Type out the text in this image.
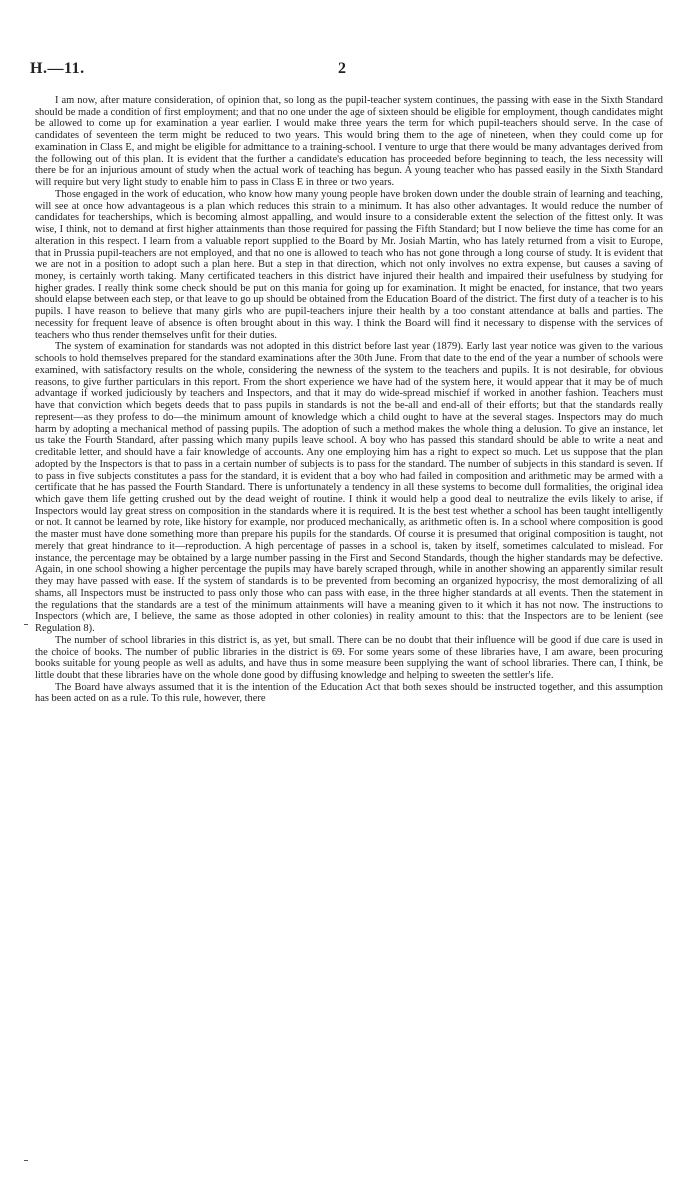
H.—11.	2

I am now, after mature consideration, of opinion that, so long as the pupil-teacher system continues, the passing with ease in the Sixth Standard should be made a condition of first employment; and that no one under the age of sixteen should be eligible for employment, though candidates might be allowed to come up for examination a year earlier. I would make three years the term for which pupil-teachers should serve. In the case of candidates of seventeen the term might be reduced to two years. This would bring them to the age of nineteen, when they could come up for examination in Class E, and might be eligible for admittance to a training-school. I venture to urge that there would be many advantages derived from the following out of this plan. It is evident that the further a candidate's education has proceeded before beginning to teach, the less necessity will there be for an injurious amount of study when the actual work of teaching has begun. A young teacher who has passed easily in the Sixth Standard will require but very light study to enable him to pass in Class E in three or two years.

Those engaged in the work of education, who know how many young people have broken down under the double strain of learning and teaching, will see at once how advantageous is a plan which reduces this strain to a minimum. It has also other advantages. It would reduce the number of candidates for teacherships, which is becoming almost appalling, and would insure to a considerable extent the selection of the fittest only. It was wise, I think, not to demand at first higher attainments than those required for passing the Fifth Standard; but I now believe the time has come for an alteration in this respect. I learn from a valuable report supplied to the Board by Mr. Josiah Martin, who has lately returned from a visit to Europe, that in Prussia pupil-teachers are not employed, and that no one is allowed to teach who has not gone through a long course of study. It is evident that we are not in a position to adopt such a plan here. But a step in that direction, which not only involves no extra expense, but causes a saving of money, is certainly worth taking. Many certificated teachers in this district have injured their health and impaired their usefulness by studying for higher grades. I really think some check should be put on this mania for going up for examination. It might be enacted, for instance, that two years should elapse between each step, or that leave to go up should be obtained from the Education Board of the district. The first duty of a teacher is to his pupils. I have reason to believe that many girls who are pupil-teachers injure their health by a too constant attendance at balls and parties. The necessity for frequent leave of absence is often brought about in this way. I think the Board will find it necessary to dispense with the services of teachers who thus render themselves unfit for their duties.

The system of examination for standards was not adopted in this district before last year (1879). Early last year notice was given to the various schools to hold themselves prepared for the standard examinations after the 30th June. From that date to the end of the year a number of schools were examined, with satisfactory results on the whole, considering the newness of the system to the teachers and pupils. It is not desirable, for obvious reasons, to give further particulars in this report. From the short experience we have had of the system here, it would appear that it may be of much advantage if worked judiciously by teachers and Inspectors, and that it may do wide-spread mischief if worked in another fashion. Teachers must have that conviction which begets deeds that to pass pupils in standards is not the be-all and end-all of their efforts; but that the standards really represent—as they profess to do—the minimum amount of knowledge which a child ought to have at the several stages. Inspectors may do much harm by adopting a mechanical method of passing pupils. The adoption of such a method makes the whole thing a delusion. To give an instance, let us take the Fourth Standard, after passing which many pupils leave school. A boy who has passed this standard should be able to write a neat and creditable letter, and should have a fair knowledge of accounts. Any one employing him has a right to expect so much. Let us suppose that the plan adopted by the Inspectors is that to pass in a certain number of subjects is to pass for the standard. The number of subjects in this standard is seven. If to pass in five subjects constitutes a pass for the standard, it is evident that a boy who had failed in composition and arithmetic may be armed with a certificate that he has passed the Fourth Standard. There is unfortunately a tendency in all these systems to become dull formalities, the original idea which gave them life getting crushed out by the dead weight of routine. I think it would help a good deal to neutralize the evils likely to arise, if Inspectors would lay great stress on composition in the standards where it is required. It is the best test whether a school has been taught intelligently or not. It cannot be learned by rote, like history for example, nor produced mechanically, as arithmetic often is. In a school where composition is good the master must have done something more than prepare his pupils for the standards. Of course it is presumed that original composition is taught, not merely that great hindrance to it—reproduction. A high percentage of passes in a school is, taken by itself, sometimes calculated to mislead. For instance, the percentage may be obtained by a large number passing in the First and Second Standards, though the higher standards may be defective. Again, in one school showing a higher percentage the pupils may have barely scraped through, while in another showing an apparently similar result they may have passed with ease. If the system of standards is to be prevented from becoming an organized hypocrisy, the most demoralizing of all shams, all Inspectors must be instructed to pass only those who can pass with ease, in the three higher standards at all events. Then the statement in the regulations that the standards are a test of the minimum attainments will have a meaning given to it which it has not now. The instructions to Inspectors (which are, I believe, the same as those adopted in other colonies) in reality amount to this: that the Inspectors are to be lenient (see Regulation 8).

The number of school libraries in this district is, as yet, but small. There can be no doubt that their influence will be good if due care is used in the choice of books. The number of public libraries in the district is 69. For some years some of these libraries have, I am aware, been procuring books suitable for young people as well as adults, and have thus in some measure been supplying the want of school libraries. There can, I think, be little doubt that these libraries have on the whole done good by diffusing knowledge and helping to sweeten the settler's life.

The Board have always assumed that it is the intention of the Education Act that both sexes should be instructed together, and this assumption has been acted on as a rule. To this rule, however, there
